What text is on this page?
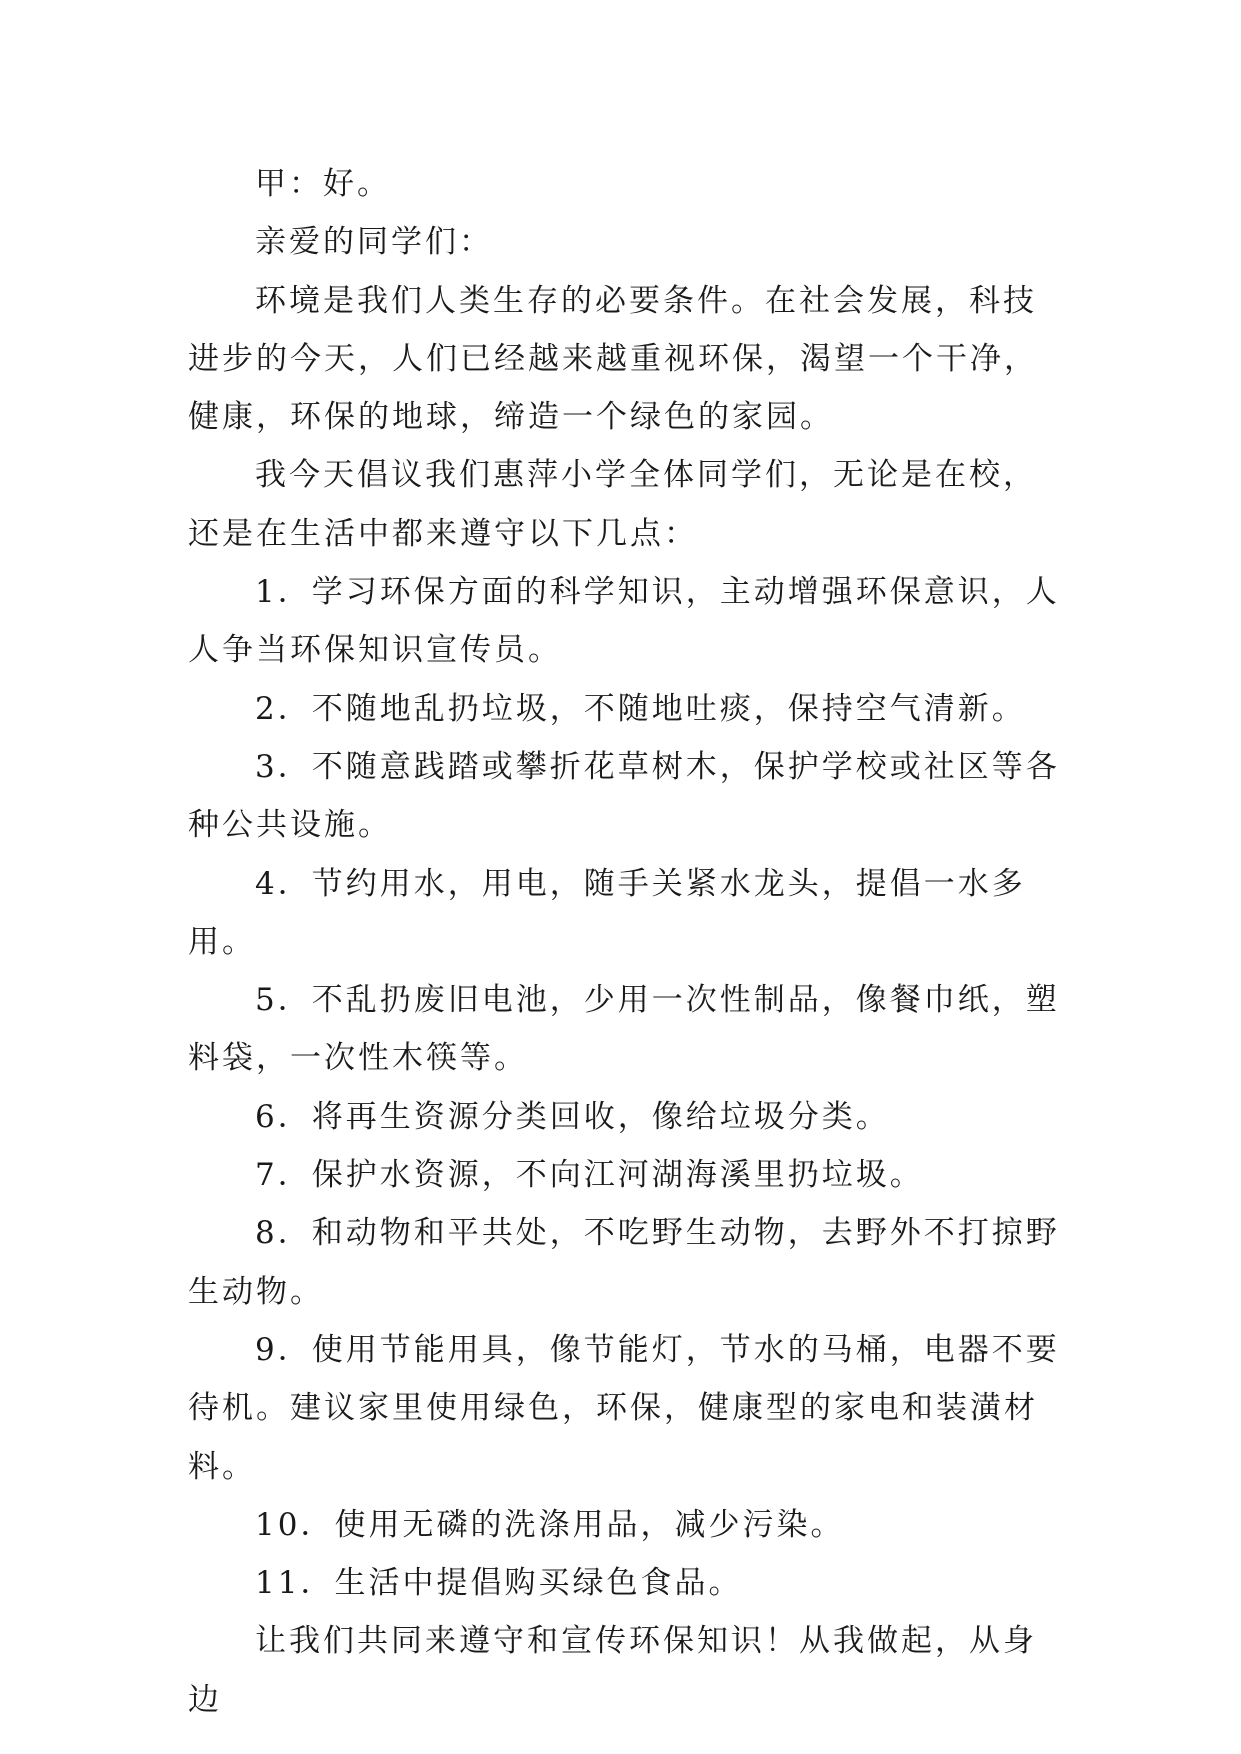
甲：好。

亲爱的同学们：

环境是我们人类生存的必要条件。在社会发展，科技进步的今天，人们已经越来越重视环保，渴望一个干净，健康，环保的地球，缔造一个绿色的家园。

我今天倡议我们惠萍小学全体同学们，无论是在校，还是在生活中都来遵守以下几点：

1．学习环保方面的科学知识，主动增强环保意识，人人争当环保知识宣传员。

2．不随地乱扔垃圾，不随地吐痰，保持空气清新。

3．不随意践踏或攀折花草树木，保护学校或社区等各种公共设施。

4．节约用水，用电，随手关紧水龙头，提倡一水多用。

5．不乱扔废旧电池，少用一次性制品，像餐巾纸，塑料袋，一次性木筷等。

6．将再生资源分类回收，像给垃圾分类。

7．保护水资源，不向江河湖海溪里扔垃圾。

8．和动物和平共处，不吃野生动物，去野外不打掠野生动物。

9．使用节能用具，像节能灯，节水的马桶，电器不要待机。建议家里使用绿色，环保，健康型的家电和装潢材料。

10．使用无磷的洗涤用品，减少污染。

11．生活中提倡购买绿色食品。

让我们共同来遵守和宣传环保知识！从我做起，从身边
